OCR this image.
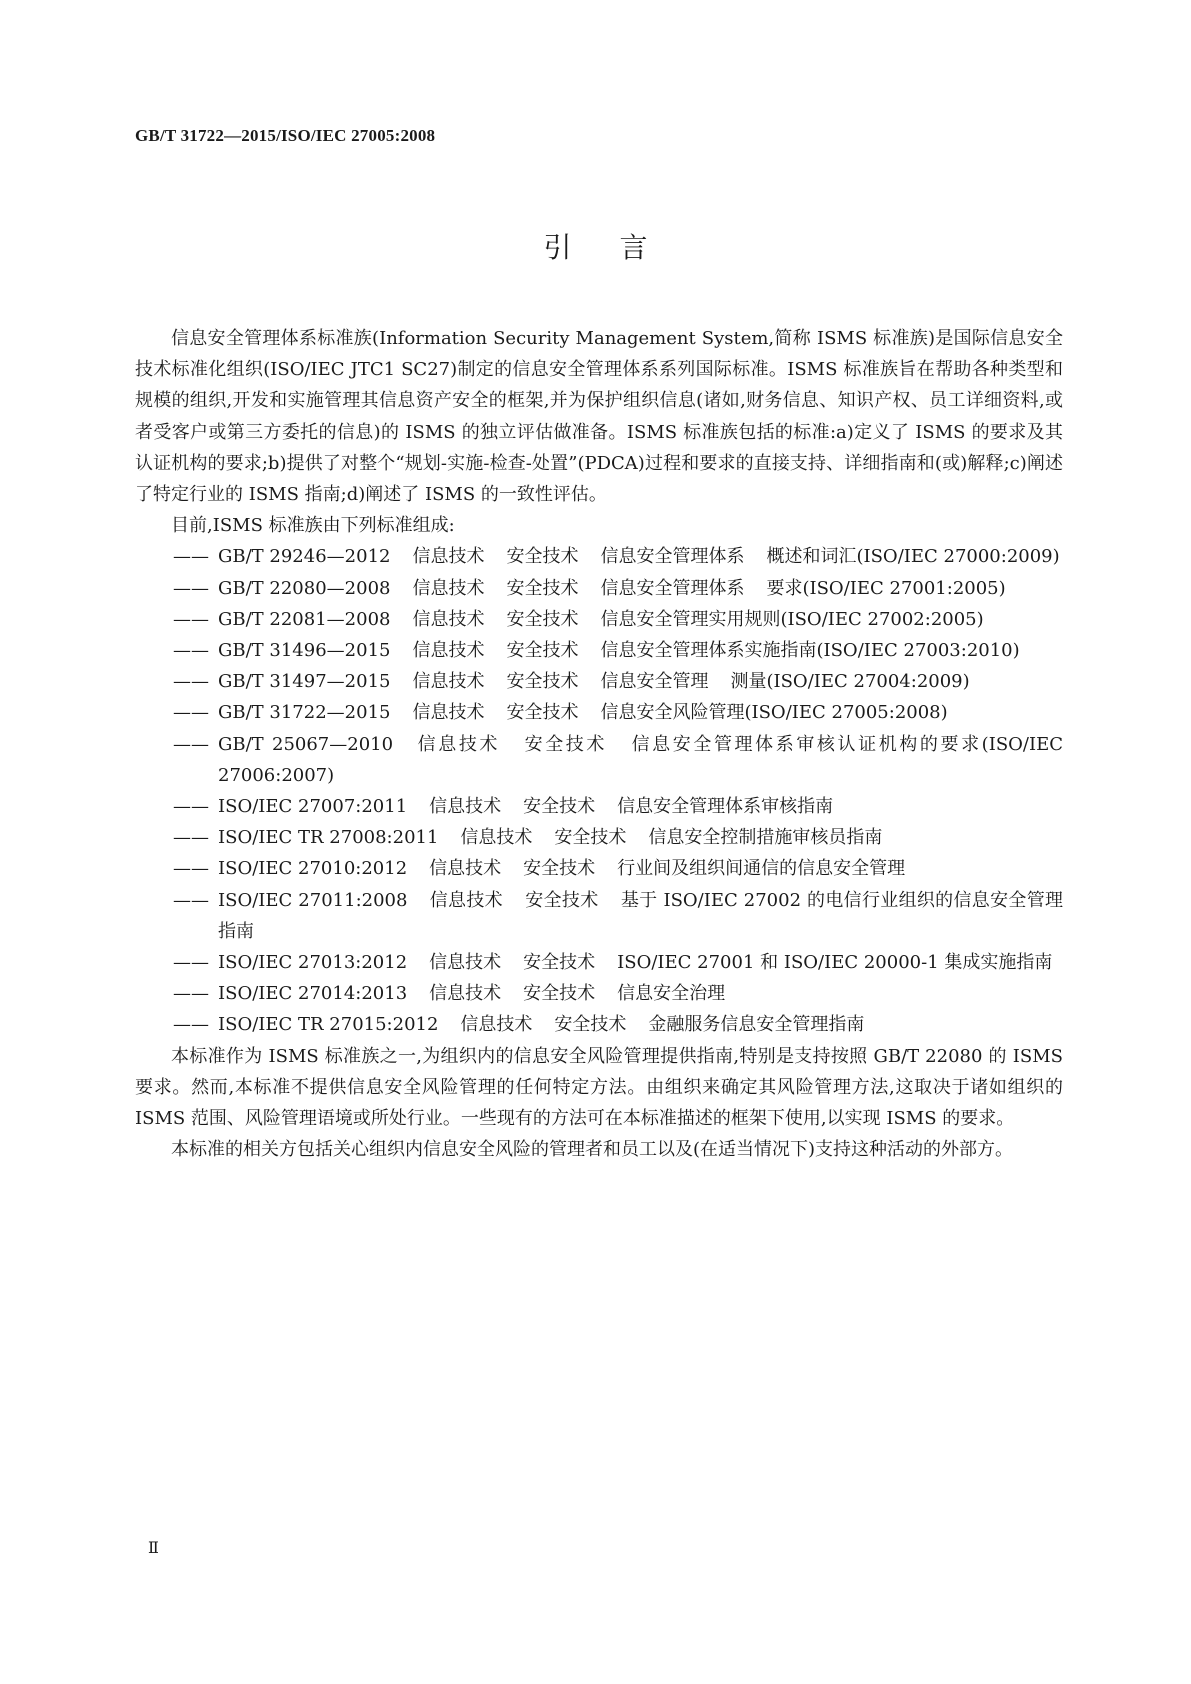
GB/T 31722—2015/ISO/IEC 27005:2008
引言

信息安全管理体系标准族(Information Security Management System,简称 ISMS 标准族)是国际信息安全技术标准化组织(ISO/IEC JTC1 SC27)制定的信息安全管理体系系列国际标准。ISMS 标准族旨在帮助各种类型和规模的组织,开发和实施管理其信息资产安全的框架,并为保护组织信息(诸如,财务信息、知识产权、员工详细资料,或者受客户或第三方委托的信息)的 ISMS 的独立评估做准备。ISMS 标准族包括的标准:a)定义了 ISMS 的要求及其认证机构的要求;b)提供了对整个“规划-实施-检查-处置”(PDCA)过程和要求的直接支持、详细指南和(或)解释;c)阐述了特定行业的 ISMS 指南;d)阐述了 ISMS 的一致性评估。

目前,ISMS 标准族由下列标准组成:

—— GB/T 29246—2012 信息技术 安全技术 信息安全管理体系 概述和词汇(ISO/IEC 27000:2009)
—— GB/T 22080—2008 信息技术 安全技术 信息安全管理体系 要求(ISO/IEC 27001:2005)
—— GB/T 22081—2008 信息技术 安全技术 信息安全管理实用规则(ISO/IEC 27002:2005)
—— GB/T 31496—2015 信息技术 安全技术 信息安全管理体系实施指南(ISO/IEC 27003:2010)
—— GB/T 31497—2015 信息技术 安全技术 信息安全管理 测量(ISO/IEC 27004:2009)
—— GB/T 31722—2015 信息技术 安全技术 信息安全风险管理(ISO/IEC 27005:2008)
—— GB/T 25067—2010 信息技术 安全技术 信息安全管理体系审核认证机构的要求(ISO/IEC 27006:2007)
—— ISO/IEC 27007:2011 信息技术 安全技术 信息安全管理体系审核指南
—— ISO/IEC TR 27008:2011 信息技术 安全技术 信息安全控制措施审核员指南
—— ISO/IEC 27010:2012 信息技术 安全技术 行业间及组织间通信的信息安全管理
—— ISO/IEC 27011:2008 信息技术 安全技术 基于 ISO/IEC 27002 的电信行业组织的信息安全管理指南
—— ISO/IEC 27013:2012 信息技术 安全技术 ISO/IEC 27001 和 ISO/IEC 20000-1 集成实施指南
—— ISO/IEC 27014:2013 信息技术 安全技术 信息安全治理
—— ISO/IEC TR 27015:2012 信息技术 安全技术 金融服务信息安全管理指南

本标准作为 ISMS 标准族之一,为组织内的信息安全风险管理提供指南,特别是支持按照 GB/T 22080 的 ISMS 要求。然而,本标准不提供信息安全风险管理的任何特定方法。由组织来确定其风险管理方法,这取决于诸如组织的 ISMS 范围、风险管理语境或所处行业。一些现有的方法可在本标准描述的框架下使用,以实现 ISMS 的要求。

本标准的相关方包括关心组织内信息安全风险的管理者和员工以及(在适当情况下)支持这种活动的外部方。

Ⅱ
